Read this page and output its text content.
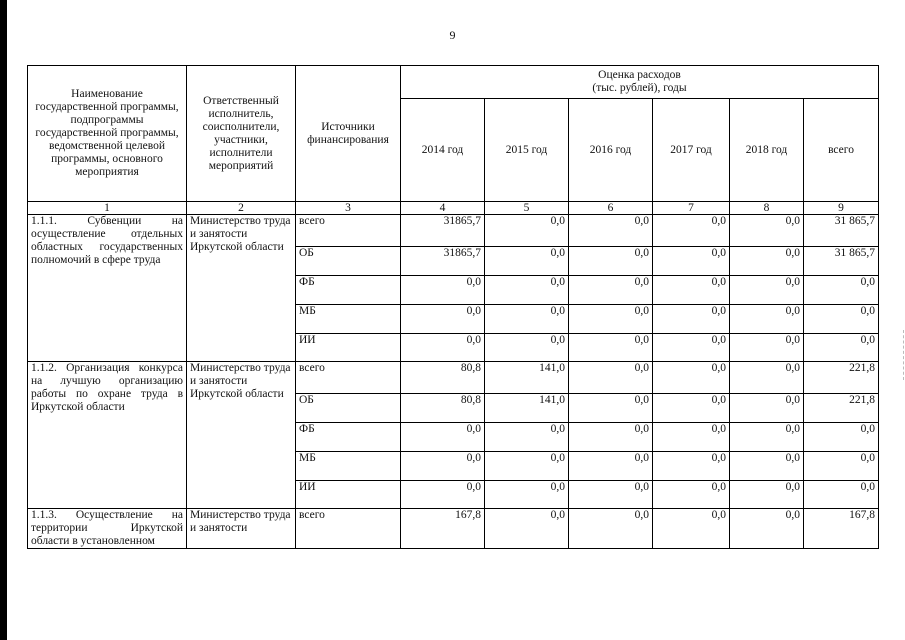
9
Наименование государственной программы, подпрограммы государственной программы, ведомственной целевой программы, основного мероприятия	Ответственный исполнитель, соисполнители, участники, исполнители мероприятий	Источники финансирования	Оценка расходов
(тыс. рублей), годы					

			2014 год	2015 год	2016 год	2017 год	2018 год	всего
1	2	3	4	5	6	7	8	9
1.1.1. Субвенции на осуществление отдельных областных государственных полномочий в сфере труда	Министерство труда и занятости Иркутской области	всего	31865,7	0,0	0,0	0,0	0,0	31 865,7
		ОБ	31865,7	0,0	0,0	0,0	0,0	31 865,7
		ФБ	0,0	0,0	0,0	0,0	0,0	0,0
		МБ	0,0	0,0	0,0	0,0	0,0	0,0
		ИИ	0,0	0,0	0,0	0,0	0,0	0,0
1.1.2. Организация конкурса на лучшую организацию работы по охране труда в Иркутской области	Министерство труда и занятости Иркутской области	всего	80,8	141,0	0,0	0,0	0,0	221,8
		ОБ	80,8	141,0	0,0	0,0	0,0	221,8
		ФБ	0,0	0,0	0,0	0,0	0,0	0,0
		МБ	0,0	0,0	0,0	0,0	0,0	0,0
		ИИ	0,0	0,0	0,0	0,0	0,0	0,0
1.1.3. Осуществление на территории Иркутской области в установленном	Министерство труда и занятости	всего	167,8	0,0	0,0	0,0	0,0	167,8
